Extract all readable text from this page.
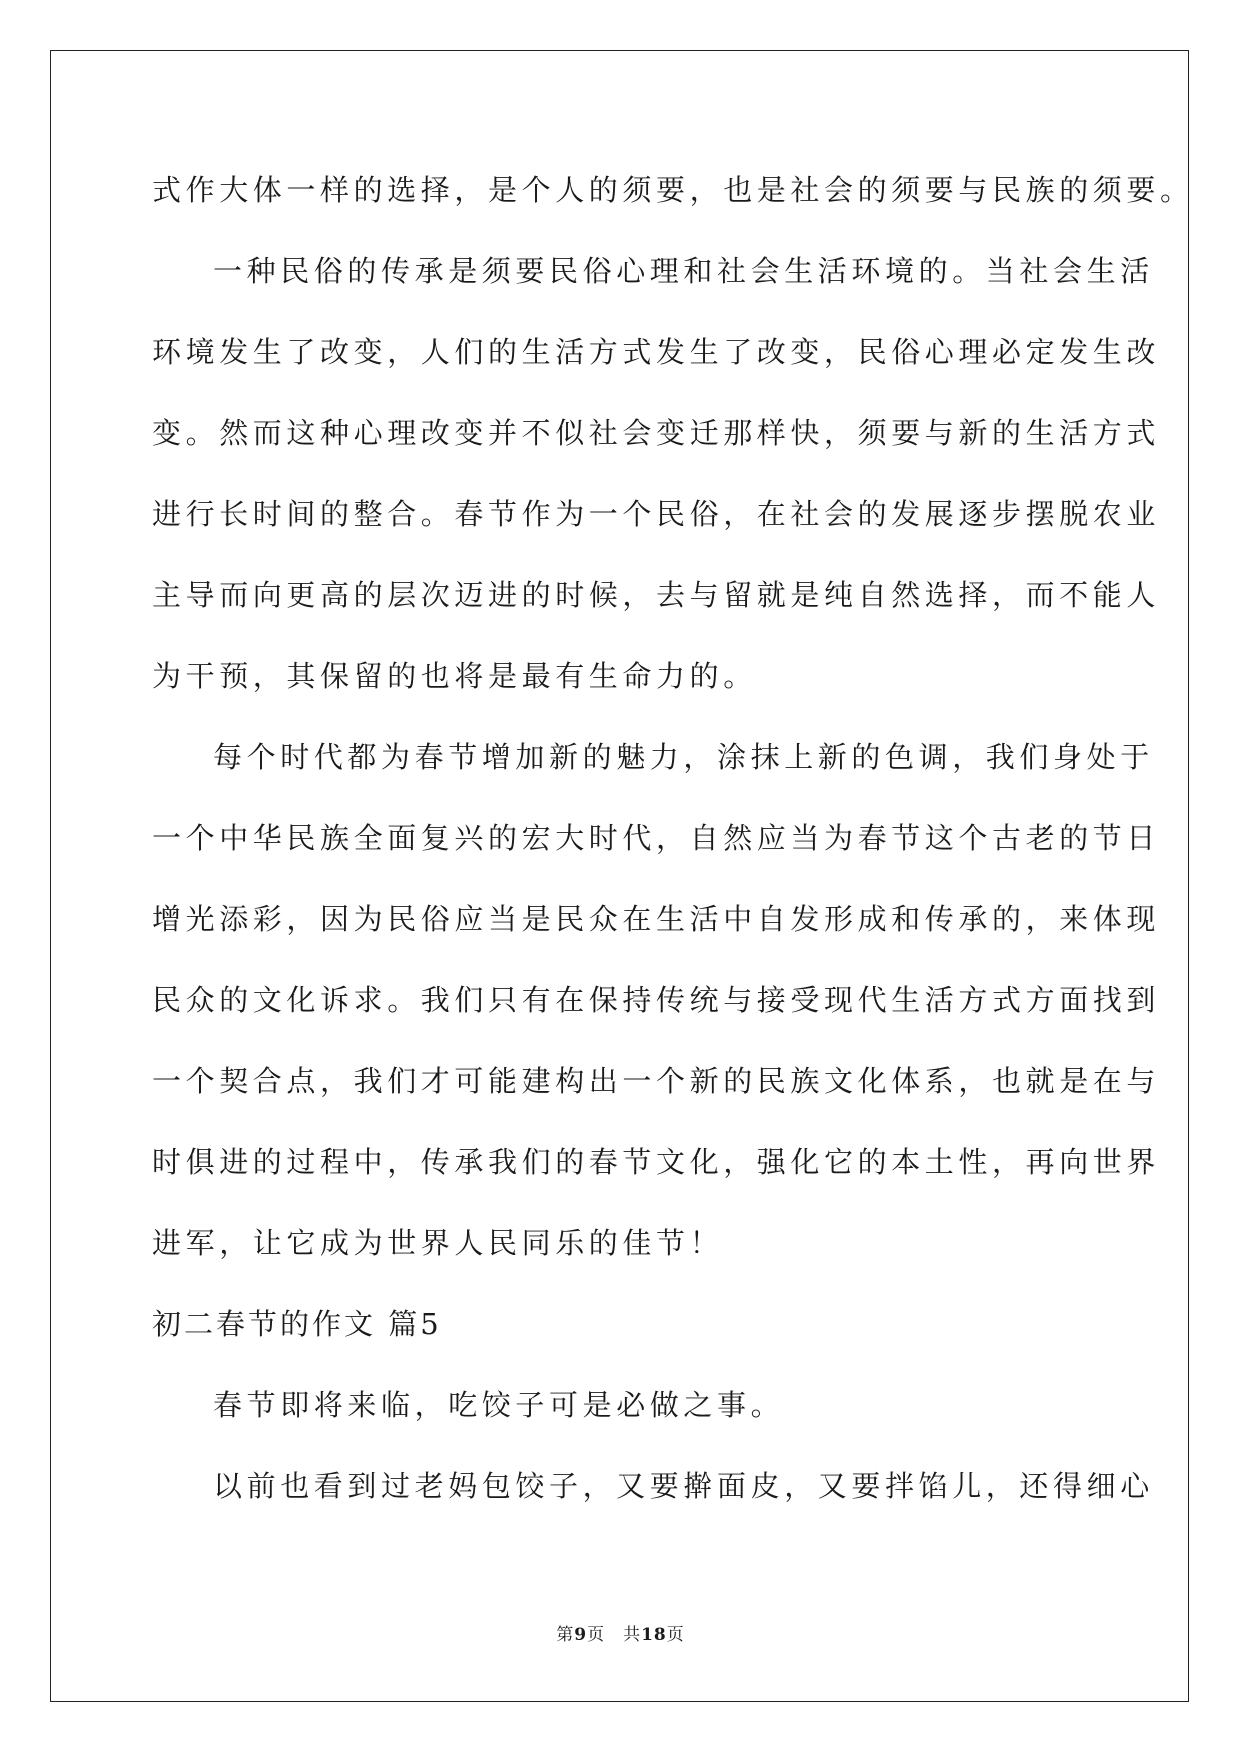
式作大体一样的选择，是个人的须要，也是社会的须要与民族的须要。
一种民俗的传承是须要民俗心理和社会生活环境的。当社会生活
环境发生了改变，人们的生活方式发生了改变，民俗心理必定发生改
变。然而这种心理改变并不似社会变迁那样快，须要与新的生活方式
进行长时间的整合。春节作为一个民俗，在社会的发展逐步摆脱农业
主导而向更高的层次迈进的时候，去与留就是纯自然选择，而不能人
为干预，其保留的也将是最有生命力的。
每个时代都为春节增加新的魅力，涂抹上新的色调，我们身处于
一个中华民族全面复兴的宏大时代，自然应当为春节这个古老的节日
增光添彩，因为民俗应当是民众在生活中自发形成和传承的，来体现
民众的文化诉求。我们只有在保持传统与接受现代生活方式方面找到
一个契合点，我们才可能建构出一个新的民族文化体系，也就是在与
时俱进的过程中，传承我们的春节文化，强化它的本土性，再向世界
进军，让它成为世界人民同乐的佳节！
初二春节的作文 篇5
春节即将来临，吃饺子可是必做之事。
以前也看到过老妈包饺子，又要擀面皮，又要拌馅儿，还得细心
第9页　共18页
